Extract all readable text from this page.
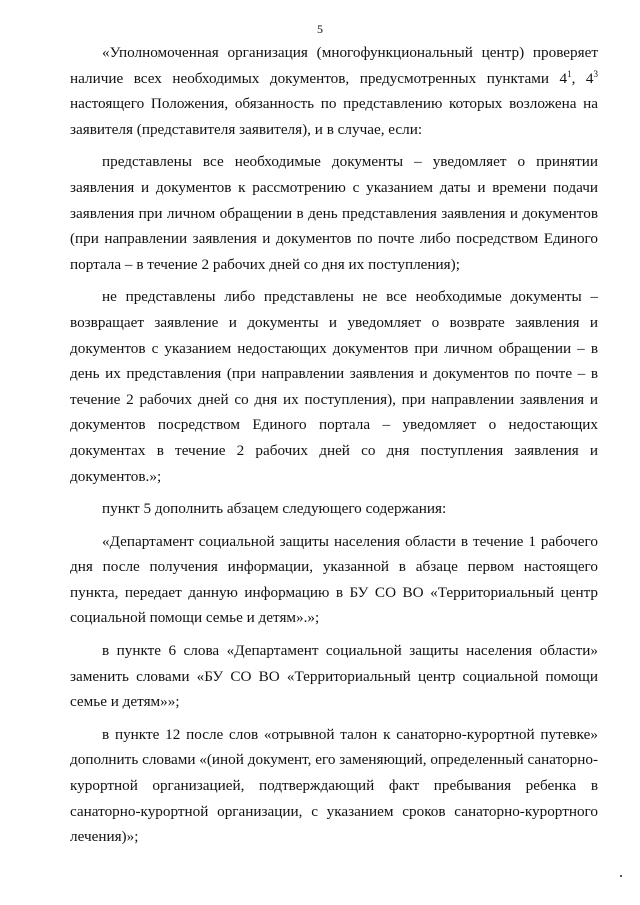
5

«Уполномоченная организация (многофункциональный центр) проверяет наличие всех необходимых документов, предусмотренных пунктами $4^1$, $4^3$ настоящего Положения, обязанность по представлению которых возложена на заявителя (представителя заявителя), и в случае, если:

представлены все необходимые документы – уведомляет о принятии заявления и документов к рассмотрению с указанием даты и времени подачи заявления при личном обращении в день представления заявления и документов (при направлении заявления и документов по почте либо посредством Единого портала – в течение 2 рабочих дней со дня их поступления);

не представлены либо представлены не все необходимые документы – возвращает заявление и документы и уведомляет о возврате заявления и документов с указанием недостающих документов при личном обращении – в день их представления (при направлении заявления и документов по почте – в течение 2 рабочих дней со дня их поступления), при направлении заявления и документов посредством Единого портала – уведомляет о недостающих документах в течение 2 рабочих дней со дня поступления заявления и документов.»;

пункт 5 дополнить абзацем следующего содержания:

«Департамент социальной защиты населения области в течение 1 рабочего дня после получения информации, указанной в абзаце первом настоящего пункта, передает данную информацию в БУ СО ВО «Территориальный центр социальной помощи семье и детям».»;

в пункте 6 слова «Департамент социальной защиты населения области» заменить словами «БУ СО ВО «Территориальный центр социальной помощи семье и детям»»;

в пункте 12 после слов «отрывной талон к санаторно-курортной путевке» дополнить словами «(иной документ, его заменяющий, определенный санаторно-курортной организацией, подтверждающий факт пребывания ребенка в санаторно-курортной организации, с указанием сроков санаторно-курортного лечения)»;
